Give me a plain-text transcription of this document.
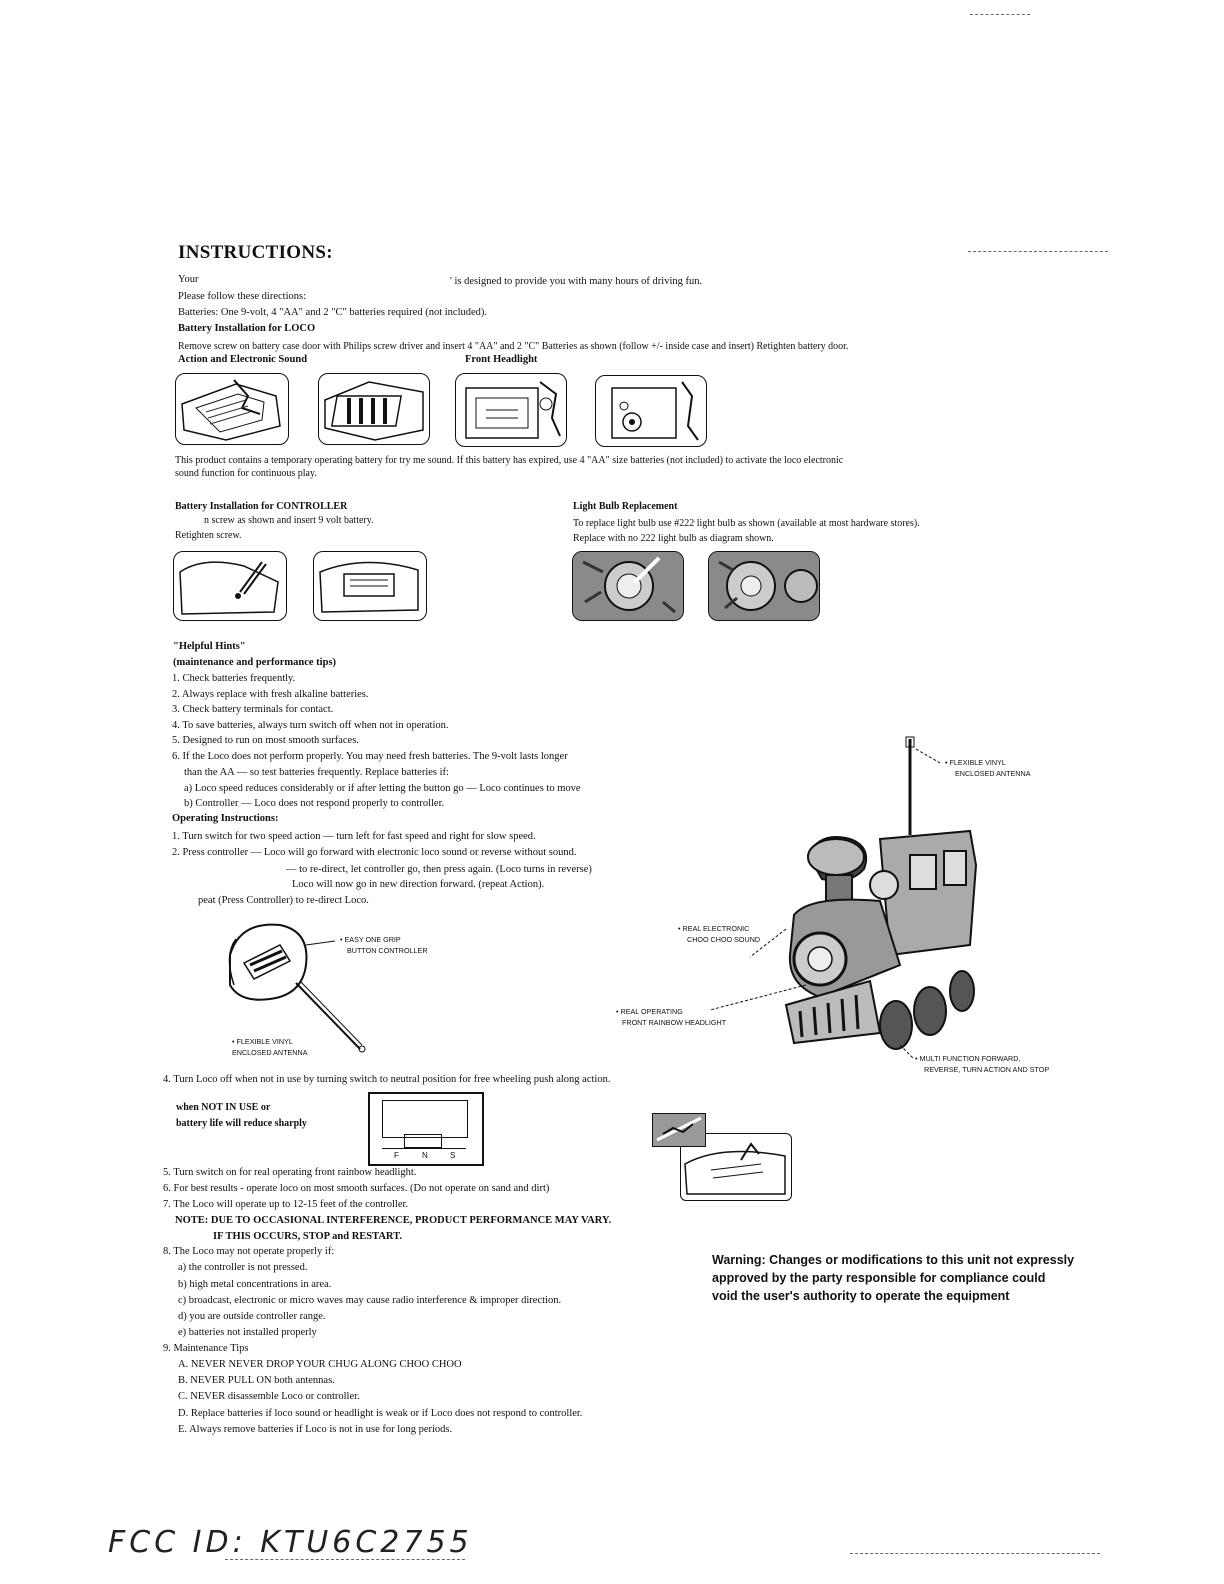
INSTRUCTIONS:
Your	' is designed to provide you with many hours of driving fun.
Please follow these directions:
Batteries: One 9-volt, 4 "AA" and 2 "C" batteries required (not included).
Battery Installation for LOCO
Remove screw on battery case door with Philips screw driver and insert 4 "AA" and 2 "C" Batteries as shown (follow +/- inside case and insert) Retighten battery door.
Action and Electronic Sound	Front Headlight
This product contains a temporary operating battery for try me sound. If this battery has expired, use 4 "AA" size batteries (not included) to activate the loco electronic
sound function for continuous play.
Battery Installation for CONTROLLER
n screw as shown and insert 9 volt battery.
Retighten screw.
Light Bulb Replacement
To replace light bulb use #222 light bulb as shown (available at most hardware stores).
Replace with no 222 light bulb as diagram shown.
"Helpful Hints"
(maintenance and performance tips)
1. Check batteries frequently.
2. Always replace with fresh alkaline batteries.
3. Check battery terminals for contact.
4. To save batteries, always turn switch off when not in operation.
5. Designed to run on most smooth surfaces.
6. If the Loco does not perform properly. You may need fresh batteries. The 9-volt lasts longer
than the AA — so test batteries frequently. Replace batteries if:
a) Loco speed reduces considerably or if after letting the button go — Loco continues to move
b) Controller — Loco does not respond properly to controller.
Operating Instructions:
1. Turn switch for two speed action — turn left for fast speed and right for slow speed.
2. Press controller — Loco will go forward with electronic loco sound or reverse without sound.
— to re-direct, let controller go, then press again. (Loco turns in reverse)
Loco will now go in new direction forward. (repeat Action).
peat (Press Controller) to re-direct Loco.
• EASY ONE GRIP
BUTTON CONTROLLER
• FLEXIBLE VINYL
ENCLOSED ANTENNA
• FLEXIBLE VINYL
ENCLOSED ANTENNA
• REAL ELECTRONIC
CHOO CHOO SOUND
• REAL OPERATING
FRONT RAINBOW HEADLIGHT
• MULTI FUNCTION FORWARD,
REVERSE, TURN ACTION AND STOP
4. Turn Loco off when not in use by turning switch to neutral position for free wheeling push along action.
when NOT IN USE or
battery life will reduce sharply
F	N	S
5. Turn switch on for real operating front rainbow headlight.
6. For best results - operate loco on most smooth surfaces. (Do not operate on sand and dirt)
7. The Loco will operate up to 12-15 feet of the controller.
NOTE: DUE TO OCCASIONAL INTERFERENCE, PRODUCT PERFORMANCE MAY VARY.
IF THIS OCCURS, STOP and RESTART.
8. The Loco may not operate properly if:
a) the controller is not pressed.
b) high metal concentrations in area.
c) broadcast, electronic or micro waves may cause radio interference & improper direction.
d) you are outside controller range.
e) batteries not installed properly
9. Maintenance Tips
A. NEVER NEVER DROP YOUR CHUG ALONG CHOO CHOO
B. NEVER PULL ON both antennas.
C. NEVER disassemble Loco or controller.
D. Replace batteries if loco sound or headlight is weak or if Loco does not respond to controller.
E. Always remove batteries if Loco is not in use for long periods.
Warning: Changes or modifications to this unit not expressly
approved by the party responsible for compliance could
void the user's authority to operate the equipment
FCC ID: KTU6C2755
